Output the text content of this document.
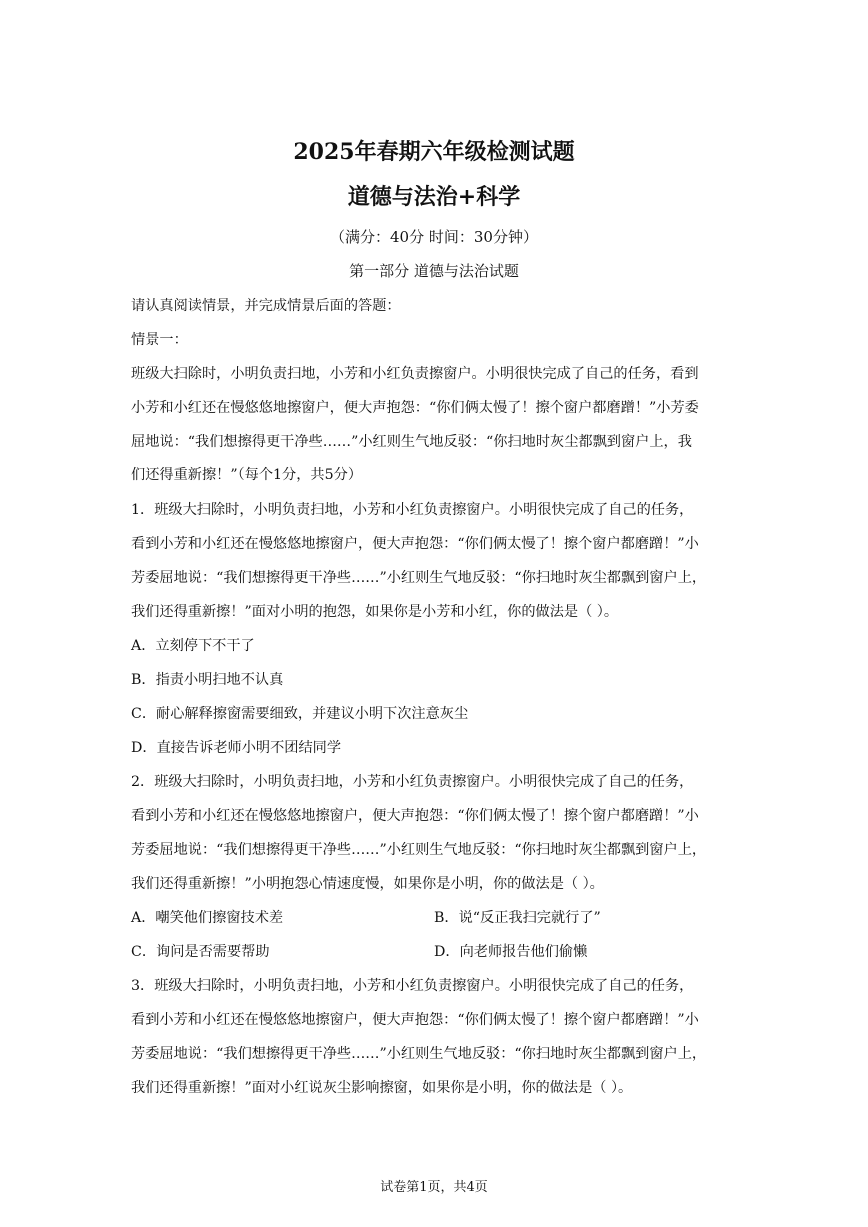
2025年春期六年级检测试题
道德与法治+科学
（满分：40分 时间：30分钟）
第一部分 道德与法治试题
请认真阅读情景，并完成情景后面的答题：
情景一：
班级大扫除时，小明负责扫地，小芳和小红负责擦窗户。小明很快完成了自己的任务，看到
小芳和小红还在慢悠悠地擦窗户，便大声抱怨：“你们俩太慢了！擦个窗户都磨蹭！”小芳委
屈地说：“我们想擦得更干净些……”小红则生气地反驳：“你扫地时灰尘都飘到窗户上，我
们还得重新擦！”（每个1分，共5分）
1．班级大扫除时，小明负责扫地，小芳和小红负责擦窗户。小明很快完成了自己的任务，
看到小芳和小红还在慢悠悠地擦窗户，便大声抱怨：“你们俩太慢了！擦个窗户都磨蹭！”小
芳委屈地说：“我们想擦得更干净些……”小红则生气地反驳：“你扫地时灰尘都飘到窗户上，
我们还得重新擦！”面对小明的抱怨，如果你是小芳和小红，你的做法是（ ）。
A．立刻停下不干了
B．指责小明扫地不认真
C．耐心解释擦窗需要细致，并建议小明下次注意灰尘
D．直接告诉老师小明不团结同学
2．班级大扫除时，小明负责扫地，小芳和小红负责擦窗户。小明很快完成了自己的任务，
看到小芳和小红还在慢悠悠地擦窗户，便大声抱怨：“你们俩太慢了！擦个窗户都磨蹭！”小
芳委屈地说：“我们想擦得更干净些……”小红则生气地反驳：“你扫地时灰尘都飘到窗户上，
我们还得重新擦！”小明抱怨心情速度慢，如果你是小明，你的做法是（ ）。
A．嘲笑他们擦窗技术差	B．说“反正我扫完就行了”
C．询问是否需要帮助	D．向老师报告他们偷懒
3．班级大扫除时，小明负责扫地，小芳和小红负责擦窗户。小明很快完成了自己的任务，
看到小芳和小红还在慢悠悠地擦窗户，便大声抱怨：“你们俩太慢了！擦个窗户都磨蹭！”小
芳委屈地说：“我们想擦得更干净些……”小红则生气地反驳：“你扫地时灰尘都飘到窗户上，
我们还得重新擦！”面对小红说灰尘影响擦窗，如果你是小明，你的做法是（ ）。
试卷第1页，共4页
